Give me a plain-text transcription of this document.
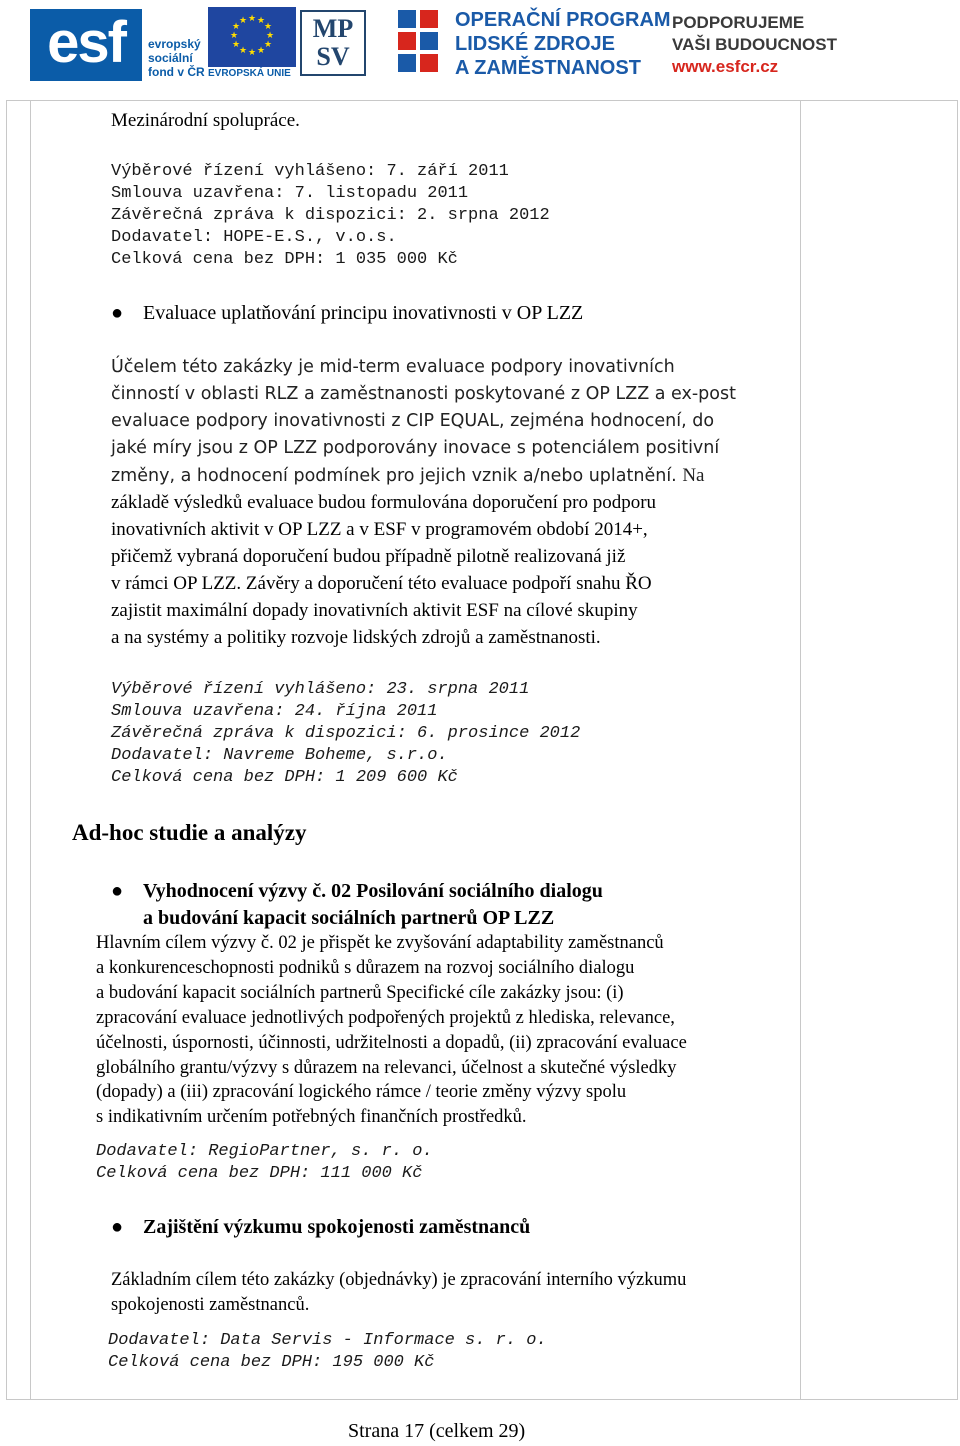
esf	evropský
sociální
fond v ČR
★ ★
★
★
★
★
★
★
★
★
★
★
EVROPSKÁ UNIE
MP
SV
OPERAČNÍ PROGRAM
LIDSKÉ ZDROJE
A ZAMĚSTNANOST
PODPORUJEME
VAŠI BUDOUCNOST
www.esfcr.cz
Mezinárodní spolupráce.
Výběrové řízení vyhlášeno: 7. září 2011
Smlouva uzavřena: 7. listopadu 2011
Závěrečná zpráva k dispozici: 2. srpna 2012
Dodavatel: HOPE-E.S., v.o.s.
Celková cena bez DPH: 1 035 000 Kč
● Evaluace uplatňování principu inovativnosti v OP LZZ
Účelem této zakázky je mid-term evaluace podpory inovativních
činností v oblasti RLZ a zaměstnanosti poskytované z OP LZZ a ex-post
evaluace podpory inovativnosti z CIP EQUAL, zejména hodnocení, do
jaké míry jsou z OP LZZ podporovány inovace s potenciálem positivní
změny, a hodnocení podmínek pro jejich vznik a/nebo uplatnění. Na
základě výsledků evaluace budou formulována doporučení pro podporu
inovativních aktivit v OP LZZ a v ESF v programovém období 2014+,
přičemž vybraná doporučení budou případně pilotně realizovaná již
v rámci OP LZZ. Závěry a doporučení této evaluace podpoří snahu ŘO
zajistit maximální dopady inovativních aktivit ESF na cílové skupiny
a na systémy a politiky rozvoje lidských zdrojů a zaměstnanosti.
Výběrové řízení vyhlášeno: 23. srpna 2011
Smlouva uzavřena: 24. října 2011
Závěrečná zpráva k dispozici: 6. prosince 2012
Dodavatel: Navreme Boheme, s.r.o.
Celková cena bez DPH: 1 209 600 Kč
Ad-hoc studie a analýzy
● Vyhodnocení výzvy č. 02 Posilování sociálního dialogu
a budování kapacit sociálních partnerů OP LZZ
Hlavním cílem výzvy č. 02 je přispět ke zvyšování adaptability zaměstnanců
a konkurenceschopnosti podniků s důrazem na rozvoj sociálního dialogu
a budování kapacit sociálních partnerů Specifické cíle zakázky jsou: (i)
zpracování evaluace jednotlivých podpořených projektů z hlediska, relevance,
účelnosti, úspornosti, účinnosti, udržitelnosti a dopadů, (ii) zpracování evaluace
globálního grantu/výzvy s důrazem na relevanci, účelnost a skutečné výsledky
(dopady) a (iii) zpracování logického rámce / teorie změny výzvy spolu
s indikativním určením potřebných finančních prostředků.
Dodavatel: RegioPartner, s. r. o.
Celková cena bez DPH: 111 000 Kč
● Zajištění výzkumu spokojenosti zaměstnanců
Základním cílem této zakázky (objednávky) je zpracování interního výzkumu
spokojenosti zaměstnanců.
Dodavatel: Data Servis - Informace s. r. o.
Celková cena bez DPH: 195 000 Kč
Strana 17 (celkem 29)
